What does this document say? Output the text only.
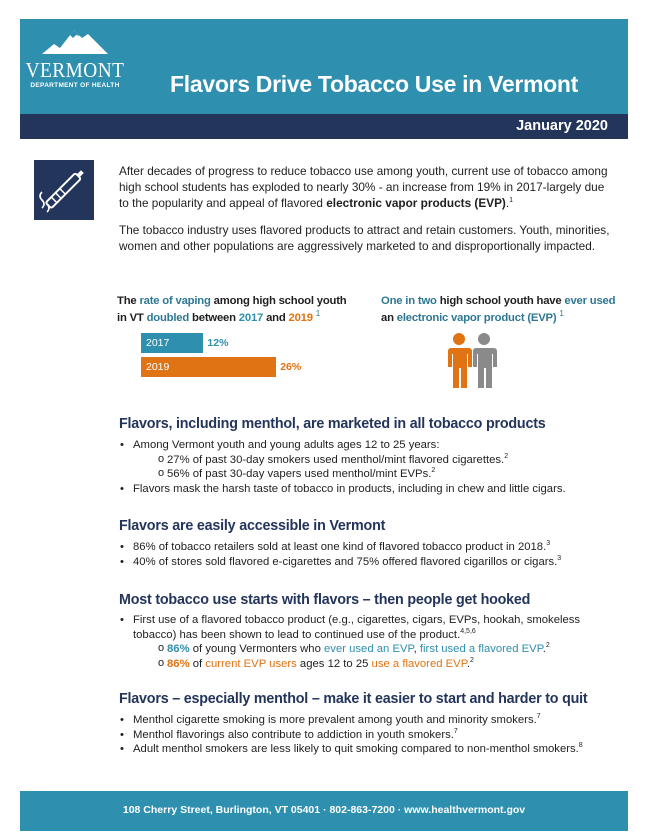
VERMONT
DEPARTMENT OF HEALTH	Flavors Drive Tobacco Use in Vermont
January 2020

After decades of progress to reduce tobacco use among youth, current use of tobacco among high school students has exploded to nearly 30% - an increase from 19% in 2017-largely due to the popularity and appeal of flavored electronic vapor products (EVP).$^1$

The tobacco industry uses flavored products to attract and retain customers. Youth, minorities, women and other populations are aggressively marketed to and disproportionally impacted.

The rate of vaping among high school youth in VT doubled between 2017 and 2019 $^1$
One in two high school youth have ever used an electronic vapor product (EVP) $^1$
2017	12%
2019	26%
Flavors, including menthol, are marketed in all tobacco products
• Among Vermont youth and young adults ages 12 to 25 years:
o 27% of past 30-day smokers used menthol/mint flavored cigarettes.$^2$
o 56% of past 30-day vapers used menthol/mint EVPs.$^2$
• Flavors mask the harsh taste of tobacco in products, including in chew and little cigars.
Flavors are easily accessible in Vermont
• 86% of tobacco retailers sold at least one kind of flavored tobacco product in 2018.$^3$
• 40% of stores sold flavored e-cigarettes and 75% offered flavored cigarillos or cigars.$^3$
Most tobacco use starts with flavors – then people get hooked
• First use of a flavored tobacco product (e.g., cigarettes, cigars, EVPs, hookah, smokeless tobacco) has been shown to lead to continued use of the product.$^{4,5,6}$
o 86% of young Vermonters who ever used an EVP, first used a flavored EVP.$^2$
o 86% of current EVP users ages 12 to 25 use a flavored EVP.$^2$
Flavors – especially menthol – make it easier to start and harder to quit
• Menthol cigarette smoking is more prevalent among youth and minority smokers.$^7$
• Menthol flavorings also contribute to addiction in youth smokers.$^7$
• Adult menthol smokers are less likely to quit smoking compared to non-menthol smokers.$^8$
108 Cherry Street, Burlington, VT 05401 · 802-863-7200 · www.healthvermont.gov
